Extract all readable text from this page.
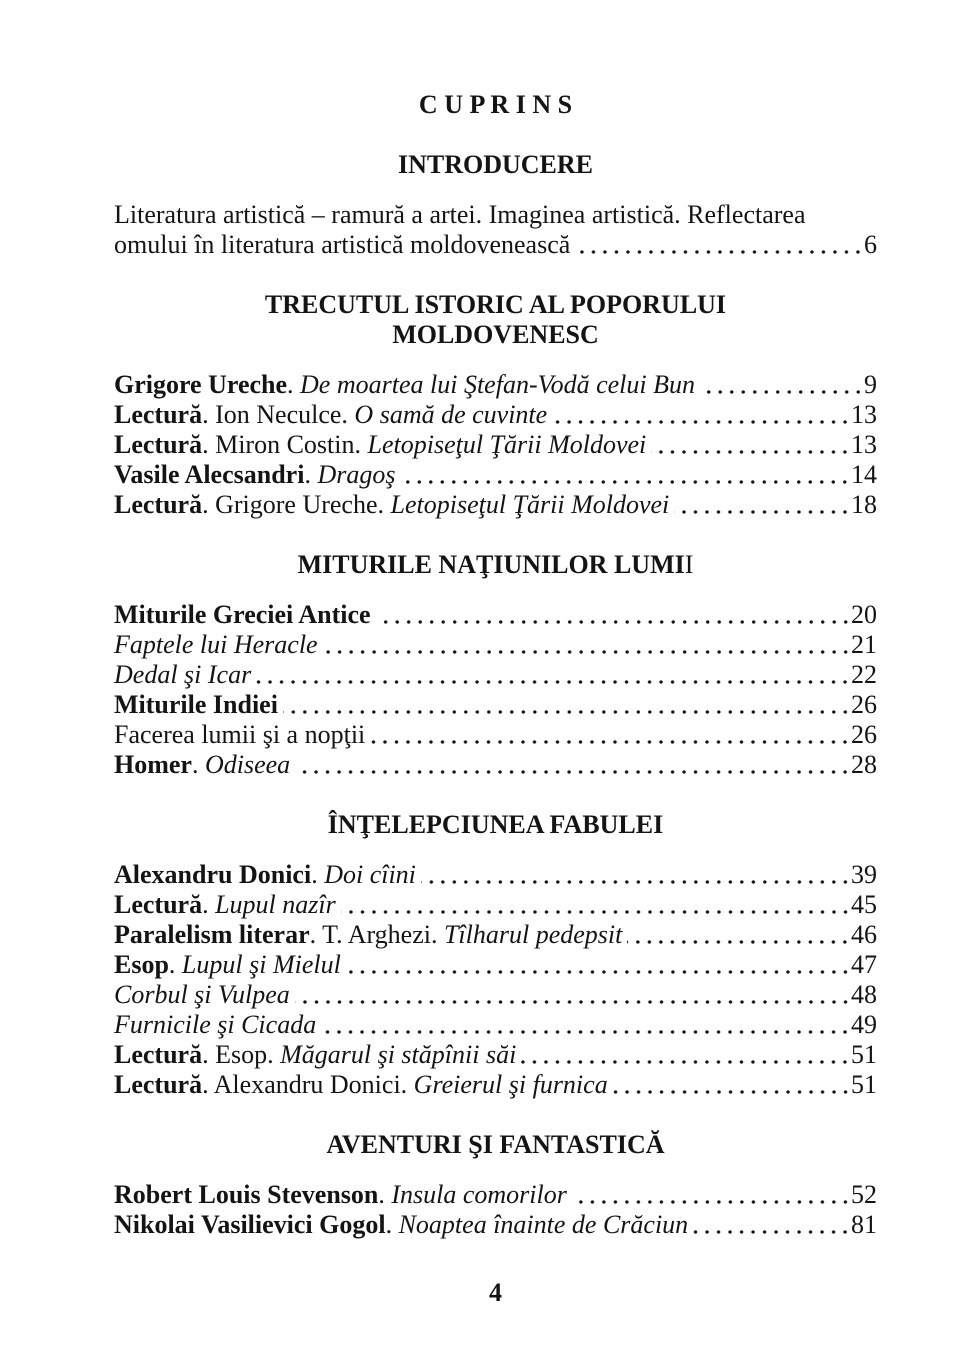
C U P R I N S
INTRODUCERE
Literatura artistică – ramură a artei. Imaginea artistică. Reflectarea
omului în literatura artistică moldovenească	6
TRECUTUL ISTORIC AL POPORULUI
MOLDOVENESC
Grigore Ureche. De moartea lui Ştefan-Vodă celui Bun	9
Lectură. Ion Neculce. O samă de cuvinte	13
Lectură. Miron Costin. Letopiseţul Ţării Moldovei	13
Vasile Alecsandri. Dragoş	14
Lectură. Grigore Ureche. Letopiseţul Ţării Moldovei	18
MITURILE NAŢIUNILOR LUMII
Miturile Greciei Antice	20
Faptele lui Heracle	21
Dedal şi Icar	22
Miturile Indiei	26
Facerea lumii şi a nopţii	26
Homer. Odiseea	28
ÎNŢELEPCIUNEA FABULEI
Alexandru Donici. Doi cîini	39
Lectură. Lupul nazîr	45
Paralelism literar. T. Arghezi. Tîlharul pedepsit	46
Esop. Lupul şi Mielul	47
Corbul şi Vulpea	48
Furnicile şi Cicada	49
Lectură. Esop. Măgarul şi stăpînii săi	51
Lectură. Alexandru Donici. Greierul şi furnica	51
AVENTURI ŞI FANTASTICĂ
Robert Louis Stevenson. Insula comorilor	52
Nikolai Vasilievici Gogol. Noaptea înainte de Crăciun	81
4
